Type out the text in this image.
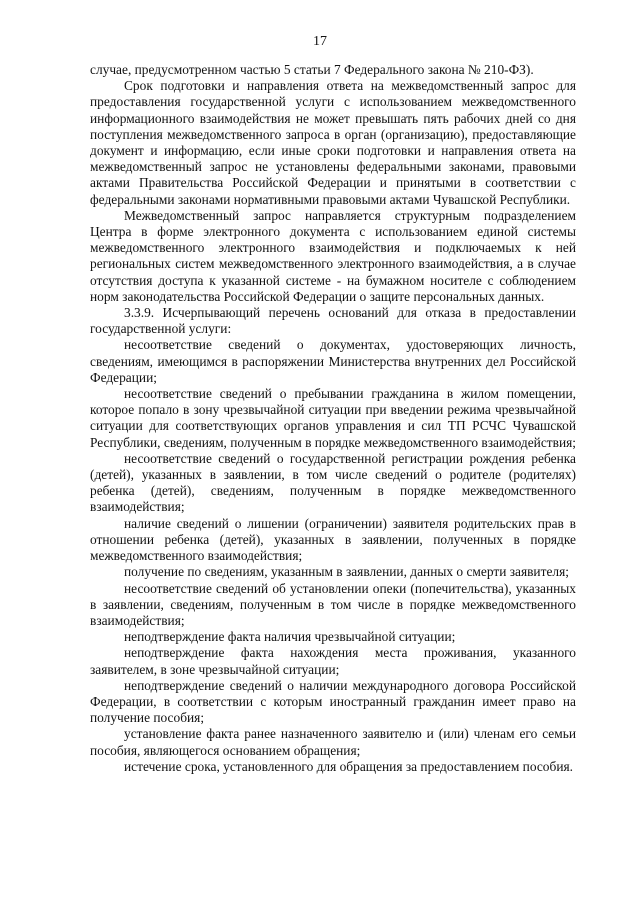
17

случае, предусмотренном частью 5 статьи 7 Федерального закона № 210-ФЗ).

Срок подготовки и направления ответа на межведомственный запрос для предоставления государственной услуги с использованием межведомственного информационного взаимодействия не может превышать пять рабочих дней со дня поступления межведомственного запроса в орган (организацию), предоставляющие документ и информацию, если иные сроки подготовки и направления ответа на межведомственный запрос не установлены федеральными законами, правовыми актами Правительства Российской Федерации и принятыми в соответствии с федеральными законами нормативными правовыми актами Чувашской Республики.

Межведомственный запрос направляется структурным подразделением Центра в форме электронного документа с использованием единой системы межведомственного электронного взаимодействия и подключаемых к ней региональных систем межведомственного электронного взаимодействия, а в случае отсутствия доступа к указанной системе - на бумажном носителе с соблюдением норм законодательства Российской Федерации о защите персональных данных.

3.3.9. Исчерпывающий перечень оснований для отказа в предоставлении государственной услуги:

несоответствие сведений о документах, удостоверяющих личность, сведениям, имеющимся в распоряжении Министерства внутренних дел Российской Федерации;

несоответствие сведений о пребывании гражданина в жилом помещении, которое попало в зону чрезвычайной ситуации при введении режима чрезвычайной ситуации для соответствующих органов управления и сил ТП РСЧС Чувашской Республики, сведениям, полученным в порядке межведомственного взаимодействия;

несоответствие сведений о государственной регистрации рождения ребенка (детей), указанных в заявлении, в том числе сведений о родителе (родителях) ребенка (детей), сведениям, полученным в порядке межведомственного взаимодействия;

наличие сведений о лишении (ограничении) заявителя родительских прав в отношении ребенка (детей), указанных в заявлении, полученных в порядке межведомственного взаимодействия;

получение по сведениям, указанным в заявлении, данных о смерти заявителя;

несоответствие сведений об установлении опеки (попечительства), указанных в заявлении, сведениям, полученным в том числе в порядке межведомственного взаимодействия;

неподтверждение факта наличия чрезвычайной ситуации;

неподтверждение факта нахождения места проживания, указанного заявителем, в зоне чрезвычайной ситуации;

неподтверждение сведений о наличии международного договора Российской Федерации, в соответствии с которым иностранный гражданин имеет право на получение пособия;

установление факта ранее назначенного заявителю и (или) членам его семьи пособия, являющегося основанием обращения;

истечение срока, установленного для обращения за предоставлением пособия.
